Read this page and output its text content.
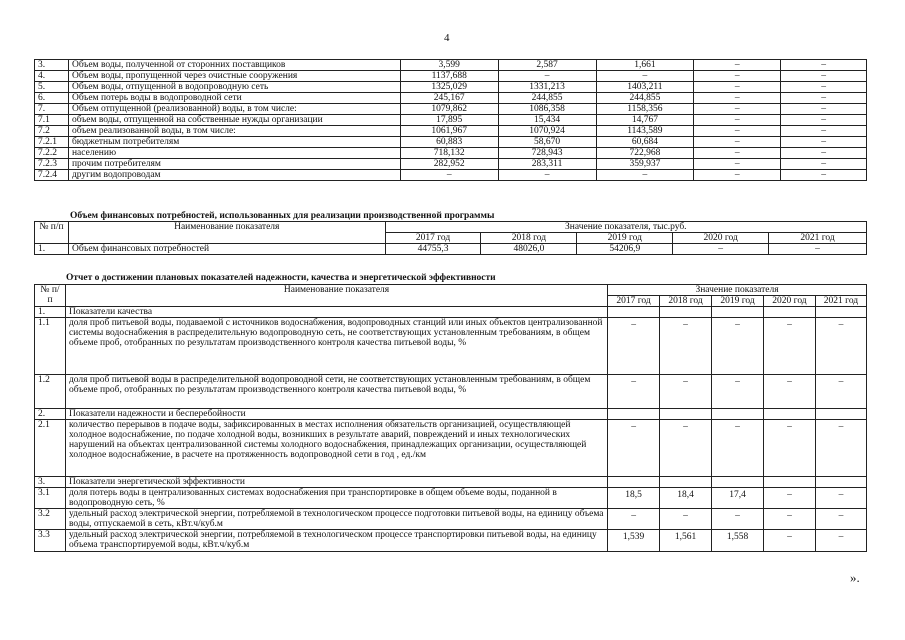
4
3.	Объем воды, полученной от сторонних поставщиков	3,599	2,587	1,661	–	–
4.	Объем воды, пропущенной через очистные сооружения	1137,688	–	–	–	–
5.	Объем воды, отпущенной в водопроводную сеть	1325,029	1331,213	1403,211	–	–
6.	Объем потерь воды в водопроводной сети	245,167	244,855	244,855	–	–
7.	Объем отпущенной (реализованной) воды, в том числе:	1079,862	1086,358	1158,356	–	–
7.1	объем воды, отпущенной на собственные нужды организации	17,895	15,434	14,767	–	–
7.2	объем реализованной воды, в том числе:	1061,967	1070,924	1143,589	–	–
7.2.1	бюджетным потребителям	60,883	58,670	60,684	–	–
7.2.2	населению	718,132	728,943	722,968	–	–
7.2.3	прочим потребителям	282,952	283,311	359,937	–	–
7.2.4	другим водопроводам	–	–	–	–	–
Объем финансовых потребностей, использованных для реализации производственной программы
№ п/п	Наименование показателя	Значение показателя, тыс.руб.				
		2017 год	2018 год	2019 год	2020 год	2021 год
1.	Объем финансовых потребностей	44755,3	48026,0	54206,9	–	–
Отчет о достижении плановых показателей надежности, качества и энергетической эффективности
№ п/п	Наименование показателя	Значение показателя				
		2017 год	2018 год	2019 год	2020 год	2021 год
1.	Показатели качества					
1.1	доля проб питьевой воды, подаваемой с источников водоснабжения, водопроводных станций или иных объектов централизованной системы водоснабжения в распределительную водопроводную сеть, не соответствующих установленным требованиям, в общем объеме проб, отобранных по результатам производственного контроля качества питьевой воды, %	–	–	–	–	–
1.2	доля проб питьевой воды в распределительной водопроводной сети, не соответствующих установленным требованиям, в общем объеме проб, отобранных по результатам производственного контроля качества питьевой воды, %	–	–	–	–	–
2.	Показатели надежности и бесперебойности					
2.1	количество перерывов в подаче воды, зафиксированных в местах исполнения обязательств организацией, осуществляющей холодное водоснабжение, по подаче холодной воды, возникших в результате аварий, повреждений и иных технологических нарушений на объектах централизованной системы холодного водоснабжения, принадлежащих организации, осуществляющей холодное водоснабжение, в расчете на протяженность водопроводной сети в год , ед./км	–	–	–	–	–
3.	Показатели энергетической эффективности					
3.1	доля потерь воды в централизованных системах водоснабжения при транспортировке в общем объеме воды, поданной в водопроводную сеть, %	18,5	18,4	17,4	–	–
3.2	удельный расход электрической энергии, потребляемой в технологическом процессе подготовки питьевой воды, на единицу объема воды, отпускаемой в сеть, кВт.ч/куб.м	–	–	–	–	–
3.3	удельный расход электрической энергии, потребляемой в технологическом процессе транспортировки питьевой воды, на единицу объема транспортируемой воды, кВт.ч/куб.м	1,539	1,561	1,558	–	–
».
